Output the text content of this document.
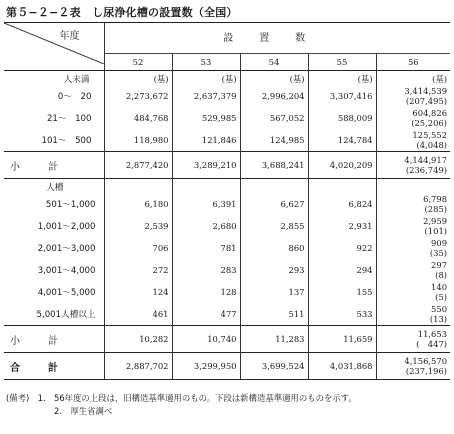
第５−２−２表　し尿浄化槽の設置数（全国）
年度	設置数				
	52	53	54	55	56
人未満	(基)	(基)	(基)	(基)	(基)
0〜　20	2,273,672	2,637,379	2,996,204	3,307,416	3,414,539
(207,495)

21〜　100	484,768	529,985	567,052	588,009	604,826
(25,206)

101〜　500	118,980	121,846	124,985	124,784	125,552
(4,048)

小計	2,877,420	3,289,210	3,688,241	4,020,209	4,144,917
(236,749)

人槽					
501〜1,000	6,180	6,391	6,627	6,824	6,798
(285)

1,001〜2,000	2,539	2,680	2,855	2,931	2,959
(101)

2,001〜3,000	706	781	860	922	909
(35)

3,001〜4,000	272	283	293	294	297
(8)

4,001〜5,000	124	128	137	155	140
(5)

5,001人槽以上	461	477	511	533	550
(13)

小計	10,282	10,740	11,283	11,659	11,653
(　447)

合計	2,887,702	3,299,950	3,699,524	4,031,868	4,156,570
(237,196)
(備考)　1.　56年度の上段は，旧構造基準適用のもの。下段は新構造基準適用のものを示す。
2.　厚生省調べ
